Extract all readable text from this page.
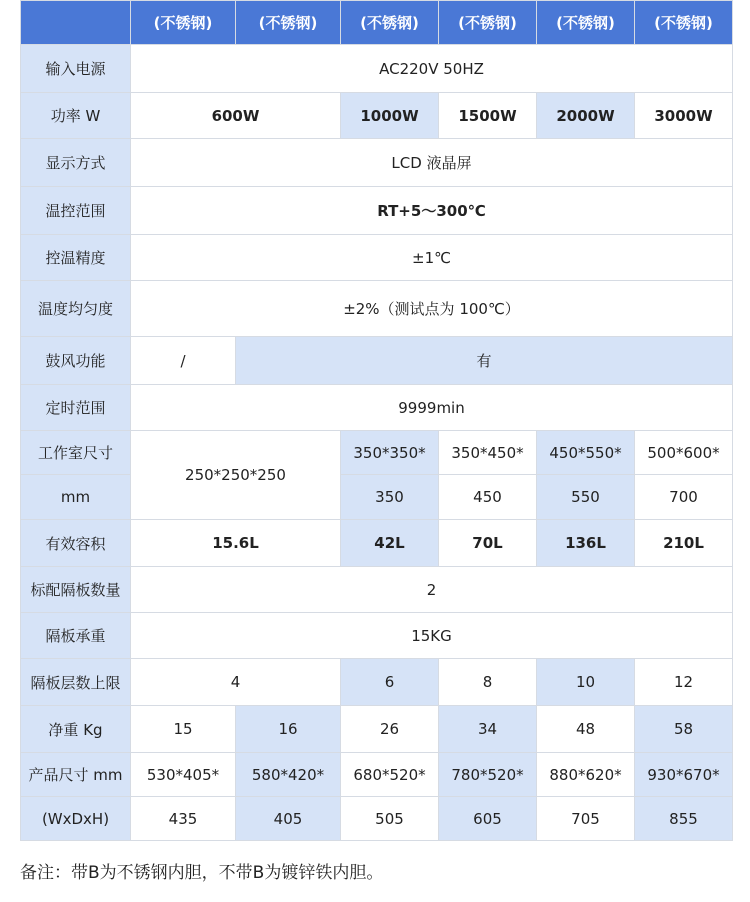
	(不锈钢)	(不锈钢)	(不锈钢)	(不锈钢)	(不锈钢)	(不锈钢)
输入电源	AC220V 50HZ					
功率 W	600W		1000W	1500W	2000W	3000W
显示方式	LCD 液晶屏					
温控范围	RT+5～300℃					
控温精度	±1℃					
温度均匀度	±2%（测试点为 100℃）					
鼓风功能	/	有				
定时范围	9999min					
工作室尺寸	250*250*250		350*350*	350*450*	450*550*	500*600*
mm			350	450	550	700
有效容积	15.6L		42L	70L	136L	210L
标配隔板数量	2					
隔板承重	15KG					
隔板层数上限	4		6	8	10	12
净重 Kg	15	16	26	34	48	58
产品尺寸 mm	530*405*	580*420*	680*520*	780*520*	880*620*	930*670*
(WxDxH)	435	405	505	605	705	855
备注：带B为不锈钢内胆，不带B为镀锌铁内胆。
